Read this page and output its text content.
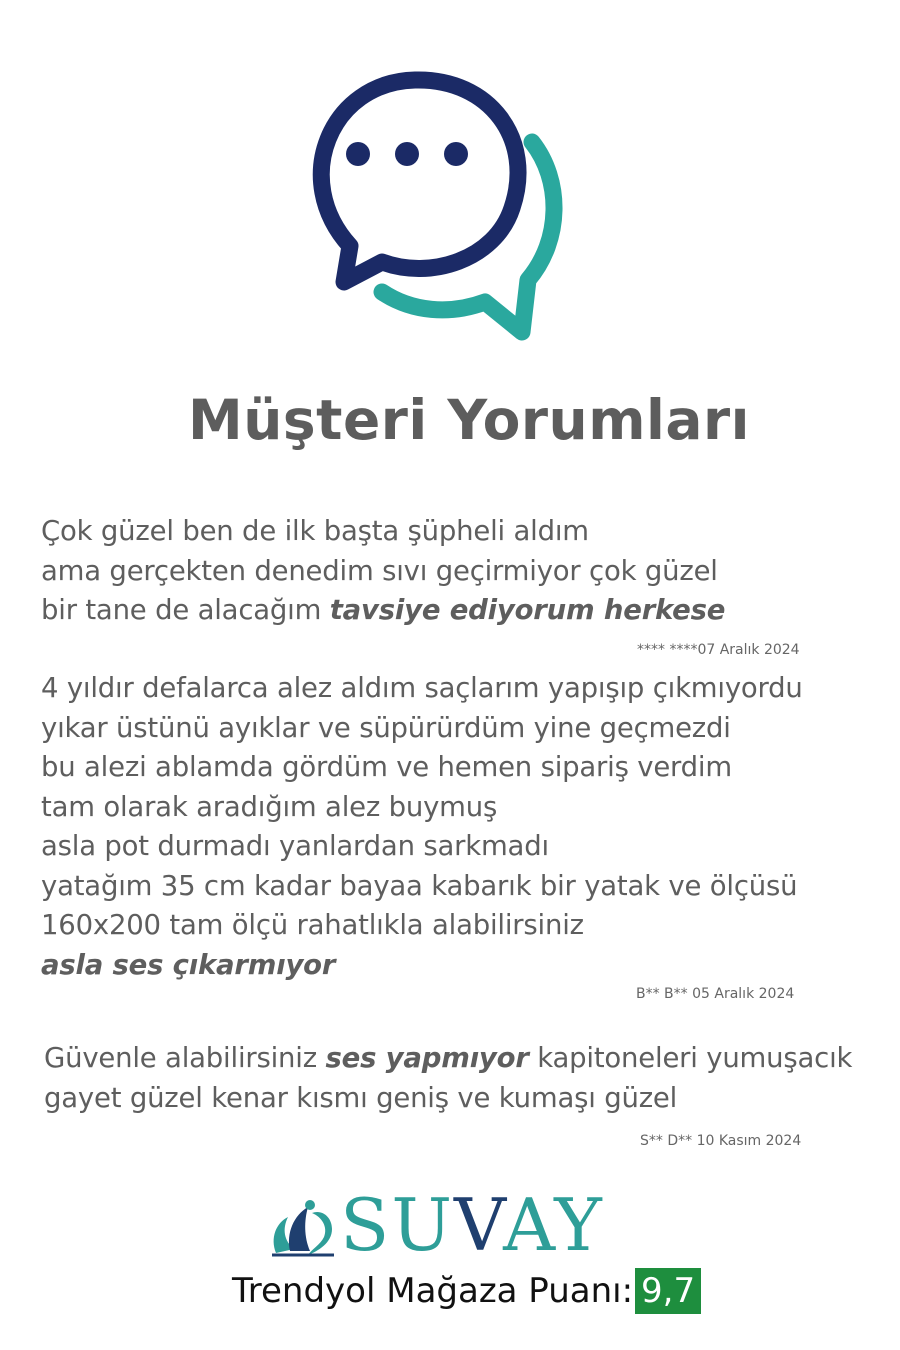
Müşteri Yorumları
Çok güzel ben de ilk başta şüpheli aldım
ama gerçekten denedim sıvı geçirmiyor çok güzel
bir tane de alacağım tavsiye ediyorum herkese
**** ****07 Aralık 2024
4 yıldır defalarca alez aldım saçlarım yapışıp çıkmıyordu
yıkar üstünü ayıklar ve süpürürdüm yine geçmezdi
bu alezi ablamda gördüm ve hemen sipariş verdim
tam olarak aradığım alez buymuş
asla pot durmadı yanlardan sarkmadı
yatağım 35 cm kadar bayaa kabarık bir yatak ve ölçüsü
160x200 tam ölçü rahatlıkla alabilirsiniz
asla ses çıkarmıyor
B** B** 05 Aralık 2024
Güvenle alabilirsiniz ses yapmıyor kapitoneleri yumuşacık
gayet güzel kenar kısmı geniş ve kumaşı güzel
S** D** 10 Kasım 2024
SUVAY
Trendyol Mağaza Puanı: 9,7
